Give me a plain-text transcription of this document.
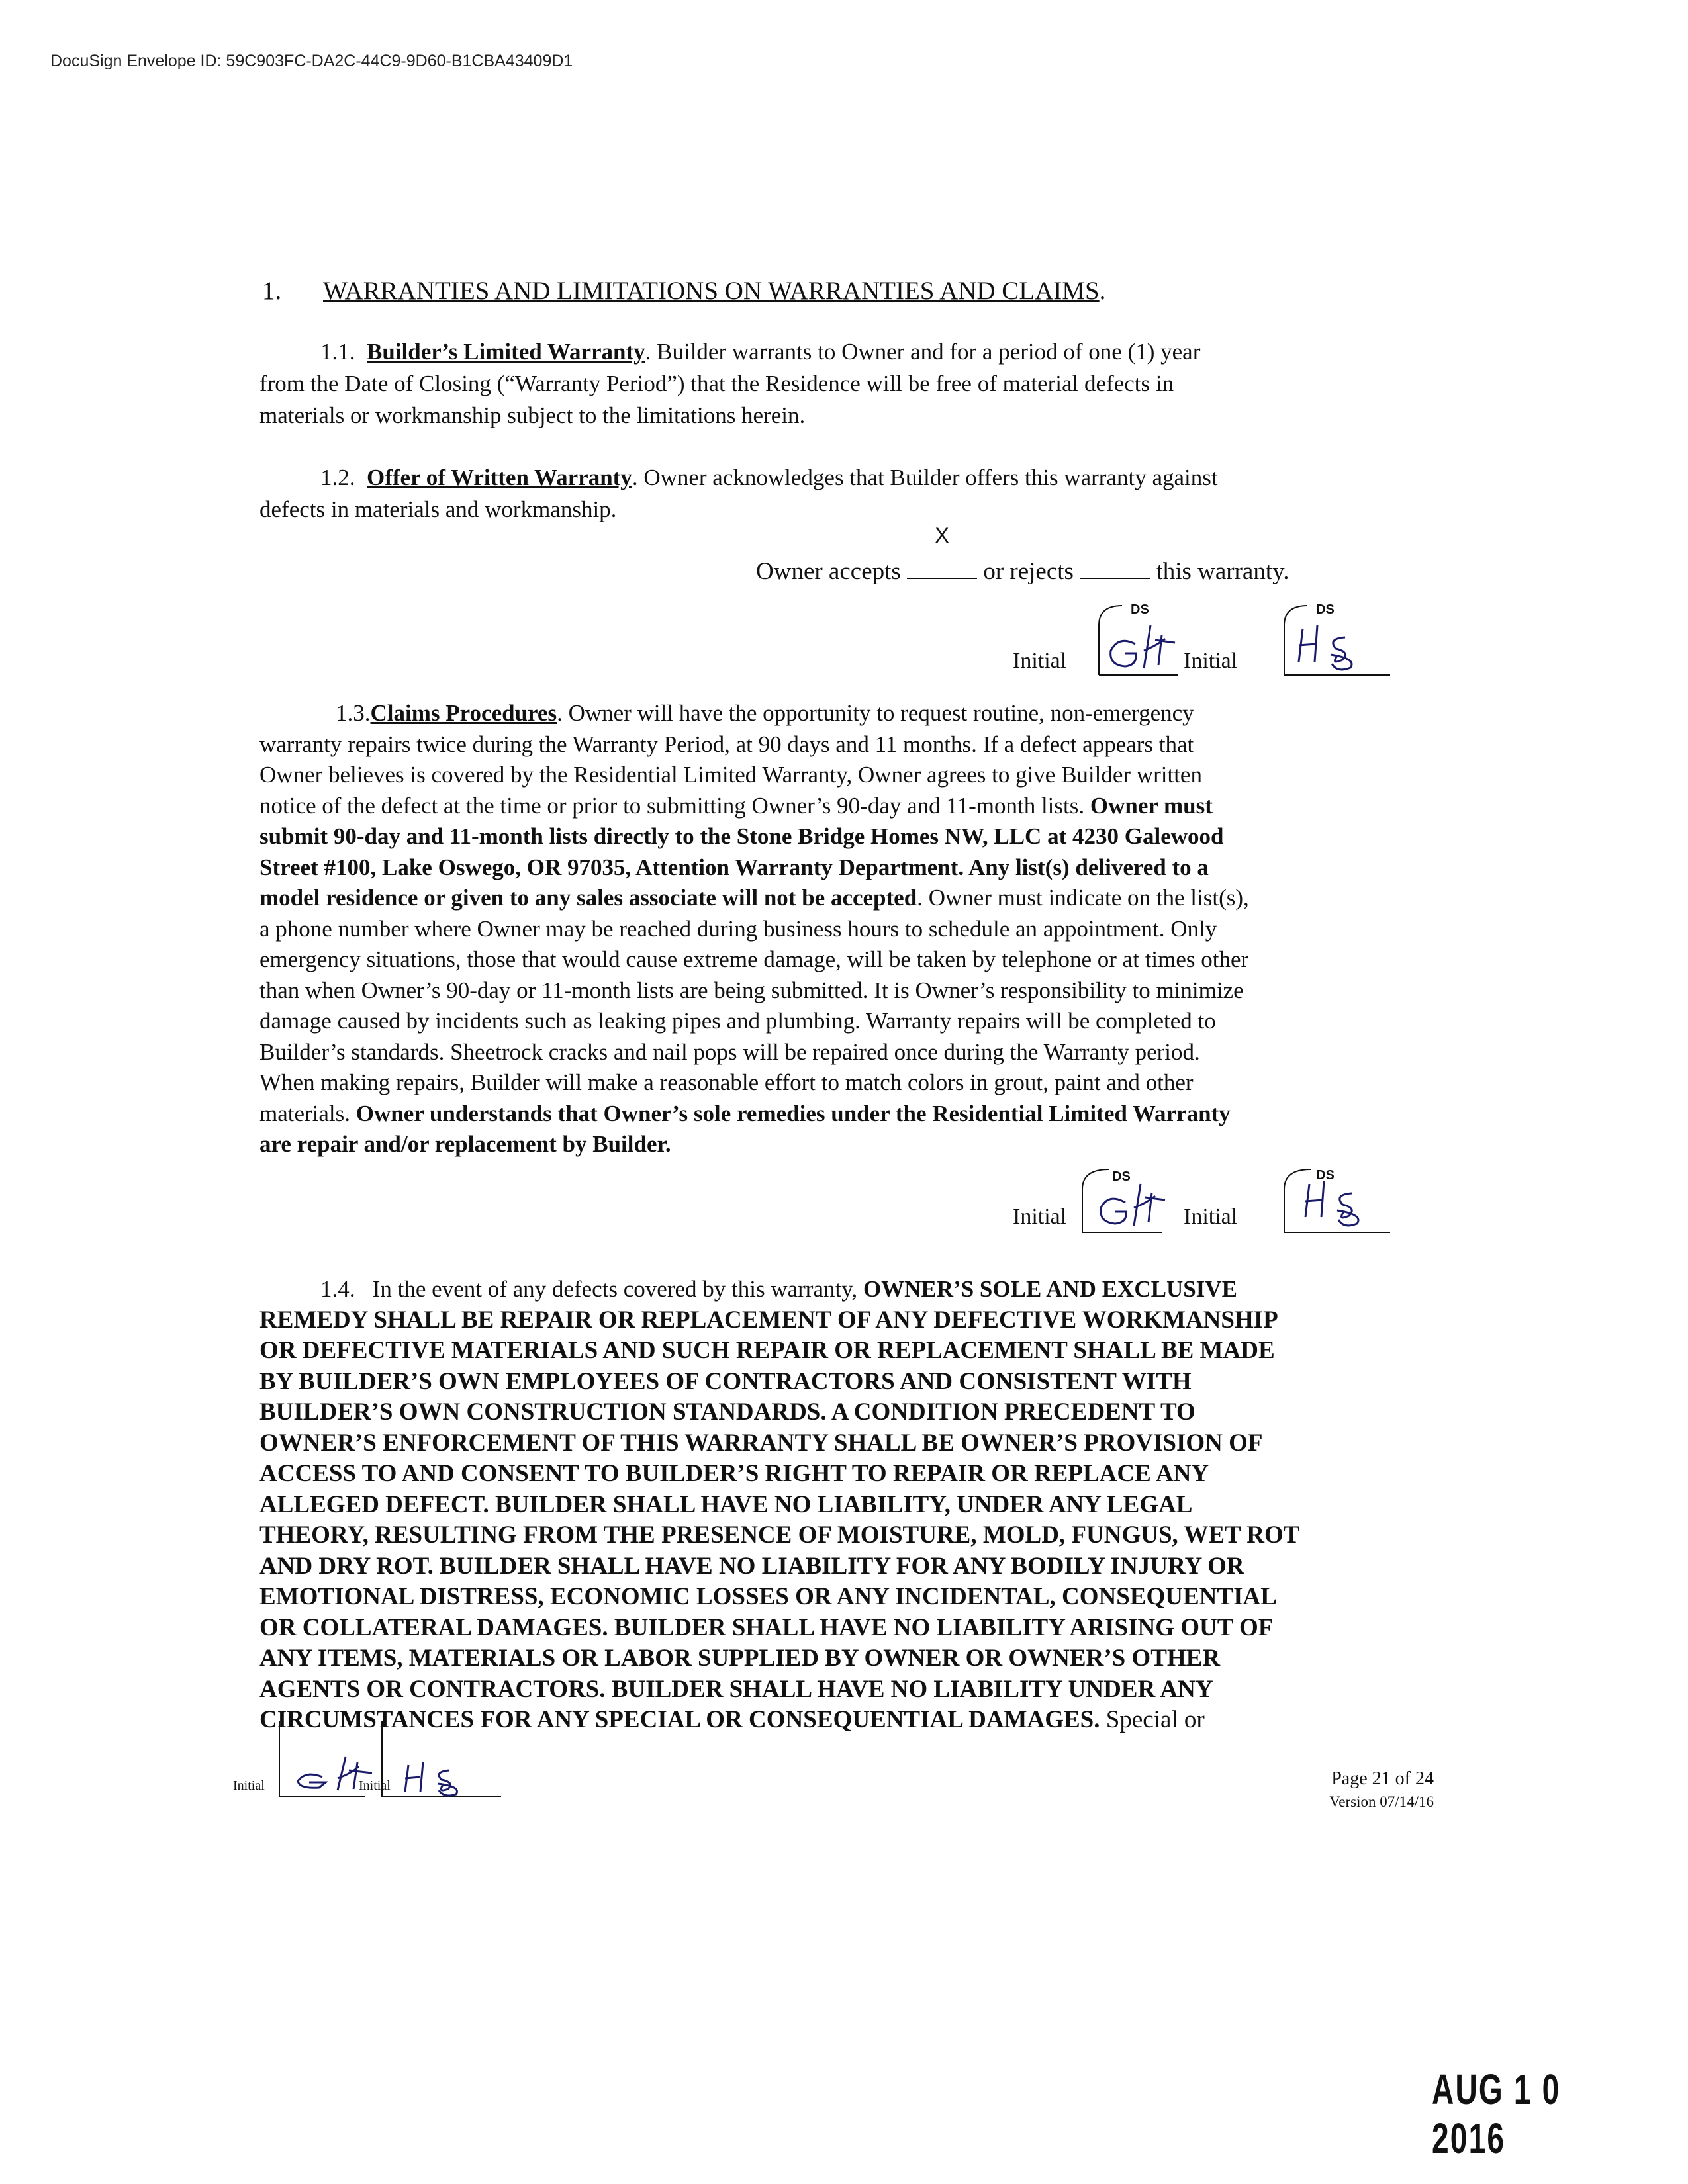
DocuSign Envelope ID: 59C903FC-DA2C-44C9-9D60-B1CBA43409D1
1. WARRANTIES AND LIMITATIONS ON WARRANTIES AND CLAIMS.
1.1. Builder’s Limited Warranty. Builder warrants to Owner and for a period of one (1) year
from the Date of Closing (“Warranty Period”) that the Residence will be free of material defects in
materials or workmanship subject to the limitations herein.
1.2. Offer of Written Warranty. Owner acknowledges that Builder offers this warranty against
defects in materials and workmanship.
Owner accepts
X
or rejects	this warranty.
Initial	Initial
DS	DS
1.3.Claims Procedures. Owner will have the opportunity to request routine, non-emergency
warranty repairs twice during the Warranty Period, at 90 days and 11 months. If a defect appears that
Owner believes is covered by the Residential Limited Warranty, Owner agrees to give Builder written
notice of the defect at the time or prior to submitting Owner’s 90-day and 11-month lists. Owner must
submit 90-day and 11-month lists directly to the Stone Bridge Homes NW, LLC at 4230 Galewood
Street #100, Lake Oswego, OR 97035, Attention Warranty Department. Any list(s) delivered to a
model residence or given to any sales associate will not be accepted. Owner must indicate on the list(s),
a phone number where Owner may be reached during business hours to schedule an appointment. Only
emergency situations, those that would cause extreme damage, will be taken by telephone or at times other
than when Owner’s 90-day or 11-month lists are being submitted. It is Owner’s responsibility to minimize
damage caused by incidents such as leaking pipes and plumbing. Warranty repairs will be completed to
Builder’s standards. Sheetrock cracks and nail pops will be repaired once during the Warranty period.
When making repairs, Builder will make a reasonable effort to match colors in grout, paint and other
materials. Owner understands that Owner’s sole remedies under the Residential Limited Warranty
are repair and/or replacement by Builder.
Initial	Initial
DS	DS
1.4. In the event of any defects covered by this warranty, OWNER’S SOLE AND EXCLUSIVE
REMEDY SHALL BE REPAIR OR REPLACEMENT OF ANY DEFECTIVE WORKMANSHIP
OR DEFECTIVE MATERIALS AND SUCH REPAIR OR REPLACEMENT SHALL BE MADE
BY BUILDER’S OWN EMPLOYEES OF CONTRACTORS AND CONSISTENT WITH
BUILDER’S OWN CONSTRUCTION STANDARDS. A CONDITION PRECEDENT TO
OWNER’S ENFORCEMENT OF THIS WARRANTY SHALL BE OWNER’S PROVISION OF
ACCESS TO AND CONSENT TO BUILDER’S RIGHT TO REPAIR OR REPLACE ANY
ALLEGED DEFECT. BUILDER SHALL HAVE NO LIABILITY, UNDER ANY LEGAL
THEORY, RESULTING FROM THE PRESENCE OF MOISTURE, MOLD, FUNGUS, WET ROT
AND DRY ROT. BUILDER SHALL HAVE NO LIABILITY FOR ANY BODILY INJURY OR
EMOTIONAL DISTRESS, ECONOMIC LOSSES OR ANY INCIDENTAL, CONSEQUENTIAL
OR COLLATERAL DAMAGES. BUILDER SHALL HAVE NO LIABILITY ARISING OUT OF
ANY ITEMS, MATERIALS OR LABOR SUPPLIED BY OWNER OR OWNER’S OTHER
AGENTS OR CONTRACTORS. BUILDER SHALL HAVE NO LIABILITY UNDER ANY
CIRCUMSTANCES FOR ANY SPECIAL OR CONSEQUENTIAL DAMAGES. Special or
Initial	Initial	Page 21 of 24
Version 07/14/16
AUG 1 0 2016
